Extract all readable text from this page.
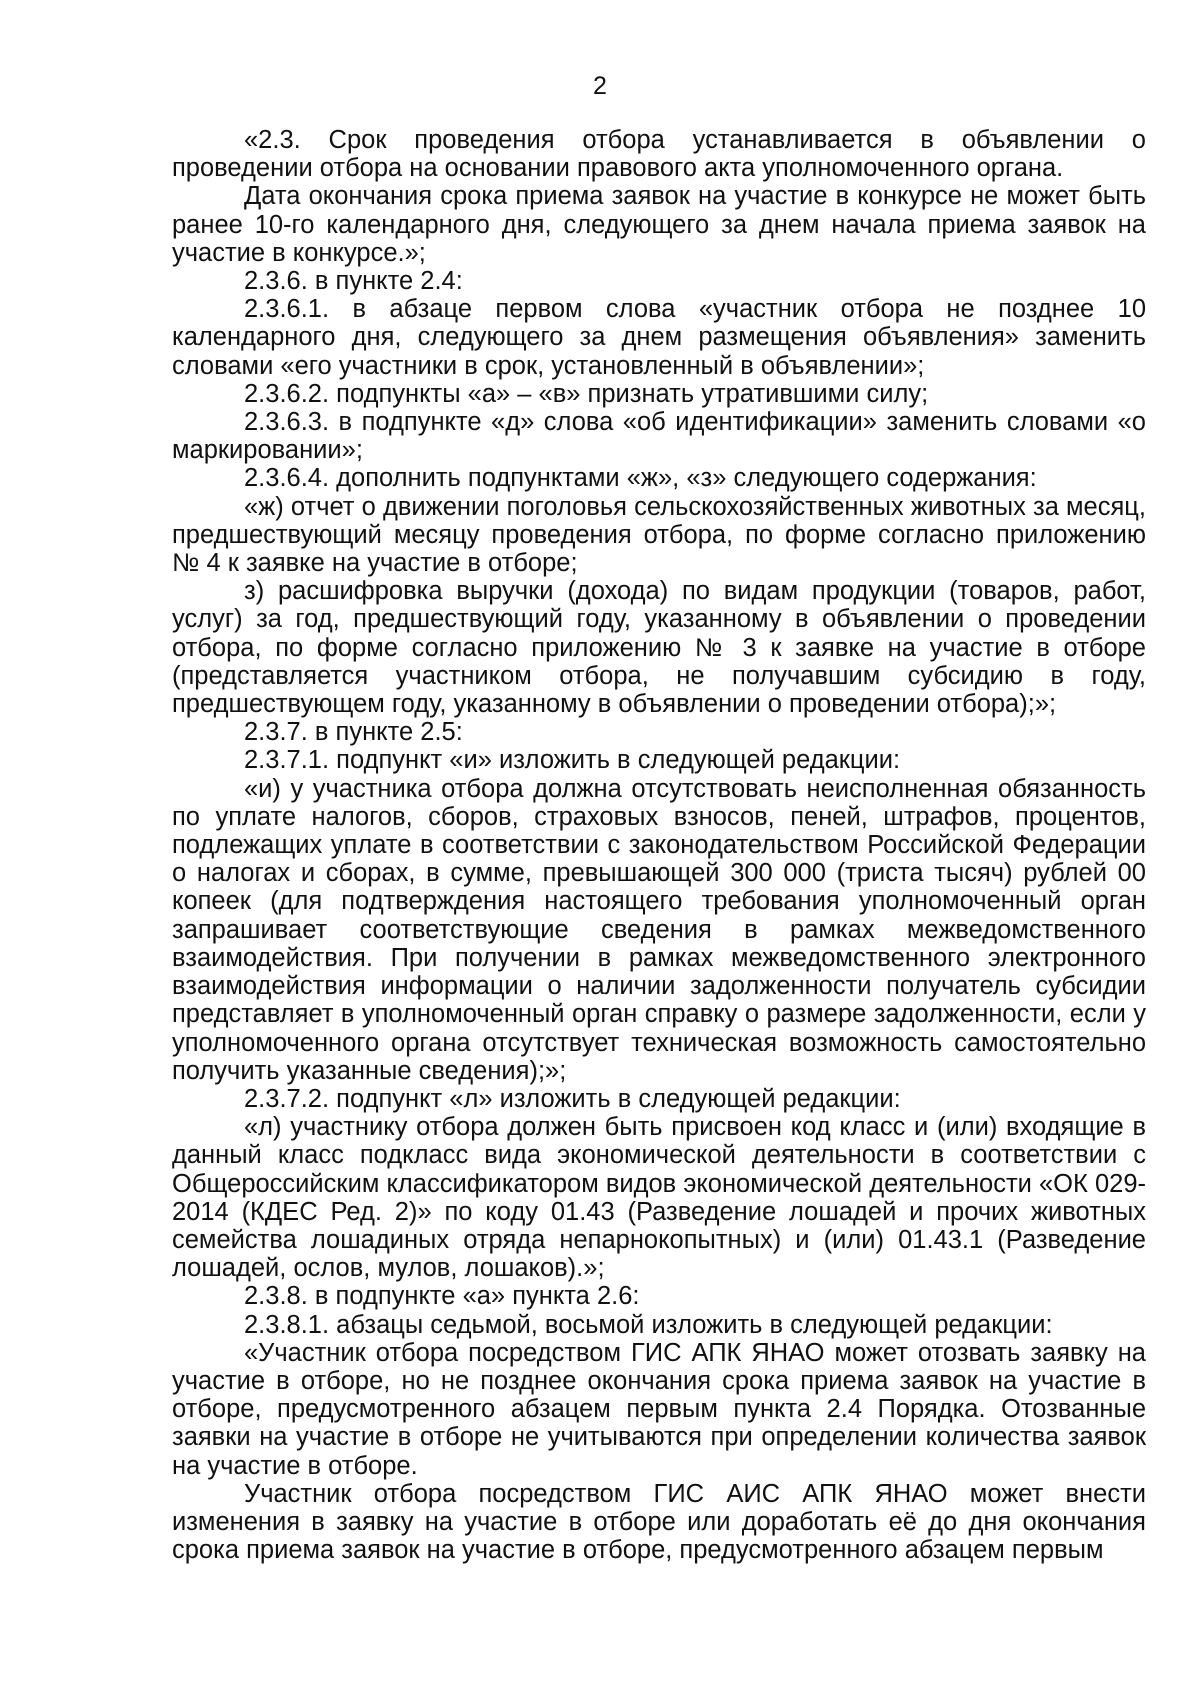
2

«2.3. Срок проведения отбора устанавливается в объявлении о проведении отбора на основании правового акта уполномоченного органа.

Дата окончания срока приема заявок на участие в конкурсе не может быть ранее 10-го календарного дня, следующего за днем начала приема заявок на участие в конкурсе.»;

2.3.6. в пункте 2.4:

2.3.6.1. в абзаце первом слова «участник отбора не позднее 10 календарного дня, следующего за днем размещения объявления» заменить словами «его участники в срок, установленный в объявлении»;

2.3.6.2. подпункты «а» – «в» признать утратившими силу;

2.3.6.3. в подпункте «д» слова «об идентификации» заменить словами «о маркировании»;

2.3.6.4. дополнить подпунктами «ж», «з» следующего содержания:

«ж) отчет о движении поголовья сельскохозяйственных животных за месяц, предшествующий месяцу проведения отбора, по форме согласно приложению № 4 к заявке на участие в отборе;

з) расшифровка выручки (дохода) по видам продукции (товаров, работ, услуг) за год, предшествующий году, указанному в объявлении о проведении отбора, по форме согласно приложению № 3 к заявке на участие в отборе (представляется участником отбора, не получавшим субсидию в году, предшествующем году, указанному в объявлении о проведении отбора);»;

2.3.7. в пункте 2.5:

2.3.7.1. подпункт «и» изложить в следующей редакции:

«и) у участника отбора должна отсутствовать неисполненная обязанность по уплате налогов, сборов, страховых взносов, пеней, штрафов, процентов, подлежащих уплате в соответствии с законодательством Российской Федерации о налогах и сборах, в сумме, превышающей 300 000 (триста тысяч) рублей 00 копеек (для подтверждения настоящего требования уполномоченный орган запрашивает соответствующие сведения в рамках межведомственного взаимодействия. При получении в рамках межведомственного электронного взаимодействия информации о наличии задолженности получатель субсидии представляет в уполномоченный орган справку о размере задолженности, если у уполномоченного органа отсутствует техническая возможность самостоятельно получить указанные сведения);»;

2.3.7.2. подпункт «л» изложить в следующей редакции:

«л) участнику отбора должен быть присвоен код класс и (или) входящие в данный класс подкласс вида экономической деятельности в соответствии с Общероссийским классификатором видов экономической деятельности «ОК 029-2014 (КДЕС Ред. 2)» по коду 01.43 (Разведение лошадей и прочих животных семейства лошадиных отряда непарнокопытных) и (или) 01.43.1 (Разведение лошадей, ослов, мулов, лошаков).»;

2.3.8. в подпункте «а» пункта 2.6:

2.3.8.1. абзацы седьмой, восьмой изложить в следующей редакции:

«Участник отбора посредством ГИС АПК ЯНАО может отозвать заявку на участие в отборе, но не позднее окончания срока приема заявок на участие в отборе, предусмотренного абзацем первым пункта 2.4 Порядка. Отозванные заявки на участие в отборе не учитываются при определении количества заявок на участие в отборе.

Участник отбора посредством ГИС АИС АПК ЯНАО может внести изменения в заявку на участие в отборе или доработать её до дня окончания срока приема заявок на участие в отборе, предусмотренного абзацем первым
